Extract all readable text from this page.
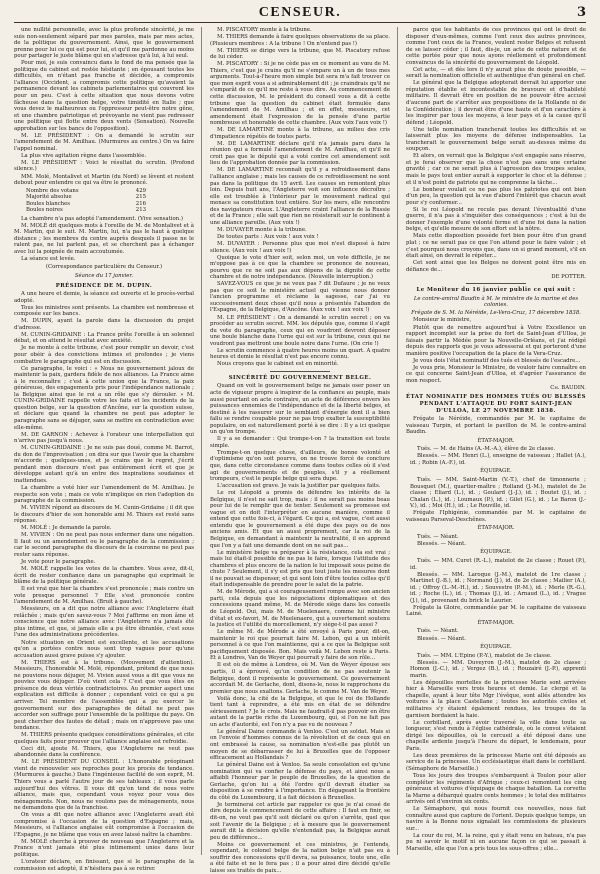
CENSEUR.	3

une nullité personnelle, avec la plus profonde sincérité, je me suis non-seulement séparé par mes paroles, mais par mes actes, de la politique du gouvernement. Ainsi, que le gouvernement prenne pour lui ce qui est pour lui, et qu'il me pardonne au moins pour partager le juste blâme qui en s'adresse qu'à lui, à lui seul.

Pour moi, je suis convaincu dans le fond de ma pensée que la politique du cabinet est restée hésitante ; en épousant toutes les difficultés, en n'étant pas franche et décidée, a compromis l'alliance (Occident, a compromis cette politique qu'avaient la permanence devant les cabinets parlementaires qui couvrent les pour un peu. C'est à cette situation que nous devons votre fâcheuse dans la question belge, votre timidité en Italie ; que vous devez le malheureux ou l'oppresseur peut-être notre gêne, et une chambre patriotique et prévoyante ne vient pas redresser une politique qui flotte entre deux vents (Sensation). Nouvelle approbation sur les bancs de l'opposition).

M. LE PRÉSIDENT : On a demandé le scrutin sur l'amendement de M. Amilhau. (Murmures au centre.) On va faire l'appel nominal.

La plus vive agitation règne dans l'assemblée.

M. LE PRÉSIDENT : Voici le résultat du scrutin. (Profond silence.)

MM. Molé, Montalivet et Martin (du Nord) se lèvent et restent debout pour entendre ce qui va être le prononcé.

Nombre des votans	429
Majorité absolue	215
Boules blanches	216
Boules noires	213

La chambre n'a pas adopté l'amendement. (Vive sensation.)

M. MOLÉ dit quelques mots à l'oreille de M. de Montalivet et à M. Martin, qui le suit. M. Martin, lui, n'a pas le haut à quelque distance ; les membres du centre auprès desquels il passe ne le ralent pas, ne lui parlent pas, et se cherchent pas à échanger avec lui la poignée de main accoutumée.

La séance est levée.

(Correspondance particulière du Censeur.)

Séance du 17 janvier.

PRÉSIDENCE DE M. DUPIN.

A une heure et demie, la séance est ouverte et le procès-verbal adopté.

Tous les ministres sont présents. La chambre est nombreuse et composée sur les bancs.

M. DUPIN, ayant la parole dans la discussion du projet d'adresse.

M. CUNIN-GRIDAINE : La France prête l'oreille à un solennel débat, et on attend le résultat avec anxiété.

Je ne monte à cette tribune, c'est pour remplir un devoir, c'est pour obéir à des convictions intimes et profondes ; je viens combattre le paragraphe qui est en discussion.

Ce paragraphe, le voici : « Nous ne gouvernement jaloux de maintenir la paix, gardera fidèle de nos alliances. La France aime à le reconnaître ; c'est à cette union que la France, la paix généreuse, des engagements pris pour l'indépendance nationale ; la Belgique ainsi que le roi a un rôle que s'y dérouler. » M. CUNIN-GRIDAINE rappelle votre les faits et les incidents de la question belge, sur la question d'Ancône, sur la question suisse, et déclare que quand la chambre ne peut pas adopter le paragraphe sans se déjuger, sans se mettre en contradiction avec elle-même.

M. DE GARNON : Achevez à l'orateur une interpellation qui n'arrive pas jusqu'à nous.

M. CUNIN-GRIDAINE : Je ne suis pas doué, comme M. Barrot, du don de l'improvisation ; on dira sur que l'avoir que la chambre m'accorde ; quelques-unes, et je crains que le regret, j'écrit pendant mon discours n'est pas entièrement écrit et que je développe autant qu'à un entre des inspirations soudaines et inattendues.

La chambre a voté hier sur l'amendement de M. Amilhau. Je respecte son vote ; mais ce vote n'implique en rien l'adoption du paragraphe de la commission.

M. VIVIEN répond au discours de M. Cunin-Gridaine ; il dit que le discours d'hier de son honorable ami M. Thiers est resté sans réponse.

M. MOLÉ : Je demande la parole.

M. VIVIEN : On ne peut pas nous enfermer dans une négation. Il faut ou un amendement ou le paragraphe de la commission ; car le second paragraphe du discours de la couronne ne peut pas rester sans réponse.

Je vote pour le paragraphe.

M. MOLÉ rappelle les votes de la chambre. Vous avez, dit-il, écrit de rester confiance dans un paragraphe qui exprimait le blâme de la politique générale.

Il est vrai que hier la chambre s'est prononcée ; mais contre un vote presque personnel ? Elle s'est prononcée contre l'amendement de M. Amilhau. (Bruit à gauche).

Messieurs, on a dit que notre alliance avec l'Angleterre était relâchée ; mais qu'en savez-vous ? Moi j'affirme en mon âme et conscience que notre alliance avec l'Angleterre n'a jamais été plus intime, et que, si jamais elle a pu être ébranlée, c'est sous l'une des administrations précédentes.

Notre situation en Orient est excellente, et les accusations qu'on a portées contre nous sont trop vagues pour qu'une accusation aussi grave puisse s'y ajouter.

M. THIERS est à la tribune. (Mouvement d'attention). Messieurs, l'honorable M. Molé, répondant, prétend de que nous ne pouvions nous déjuger, M. Vivien aussi vous a dit que vous ne pouviez vous déjuger. D'où vient cela ? C'est que vous êtes en présence de deux vérités contradictoires. Au premier aspect une explication est difficile à donner ; cependant voici ce qui a pu arriver. Tel membre de l'assemblée qui a pu exercer le gouvernement sur des paragraphes de détail ne peut pas accorder son suffrage pour l'ensemble de la politique du pays. On peut chercher des fautes de détail ; mais on n'approuve pas une tendance.

M. THIERS présente quelques considérations générales, et cite quelques faits pour prouver que l'alliance anglaise est refroidie.

Ceci dit, ajoute M. Thiers, que l'Angleterre ne veut pas abandonnée dans la conférence.

M. LE PRÉSIDENT DU CONSEIL : L'honorable préopinant vient de renouveler ses reproches pour les procès de tendance. (Murmures à gauche.) Dans l'ingénieuse facilité de son esprit, M. Thiers vous a parlé l'autre jour de ses tableaux ; il vous parle aujourd'hui des vôtres. Il vous dit qu'on tend de nous voire alliance, mais que, cependant vous voyez pour vous des ménagements. Non, nous ne voulons pas de ménagements, nous ne demandons que de la franchise.

On vous a dit que notre alliance avec l'Angleterre avait été compromise à l'occasion de la question d'Espagne ; mais, Messieurs, si l'alliance anglaise eût compromise à l'occasion de l'Espagne, je ne blâme que vous en avez laissé naître la chambre.

M. MOLÉ cherche à prouver de nouveau que l'Angleterre et la France n'ont jamais été plus intimement unies dans leur politique.

L'orateur déclare, en finissant, que si le paragraphe de la commission est adopté, il n'hésitera pas à se retirer.

M. PISCATORY monte à la tribune.

M. THIERS demande à faire quelques observations de sa place. (Plusieurs membres : A la tribune ! On n'entend pas !)

M. THIERS se dirige vers la tribune, que M. Piscatory refuse de lui céder.

M. PISCATORY : Si je ne cède pas en ce moment au vœu de M. Thiers, c'est que je crains qu'il ne s'empare un à un de tous mes arguments. Tout-à-l'heure mon simple but sera m'a fait trouver ce que mon esprit vous a si admirablement dit ; je craindrais qu'il ne s'emparât de ce qu'il me reste à vous dire. Au commencement de cette discussion, M. le président du conseil vous a dit à cette tribune que la question du cabinet était formulée dans l'amendement de M. Amilhau ; et en effet, messieurs, cet amendement était l'expression de la pensée d'une partie nombreuse et honorable de cette chambre. (Aux voix l'aux voix !)

M. DE LAMARTINE monte à la tribune, au milieu des cris d'impatience répétés de toutes parts.

M. DE LAMARTINE déclare qu'il n'a jamais paru dans la réunion qui a formulé l'amendement de M. Amilhau, et qu'il ne croit pas que le député qui a voté contre cet amendement soit lieu de l'approbation donnée par la commission.

M. DE LAMARTINE reconnaît qu'il y a refroidissement dans l'alliance anglaise ; mais les causes de ce refroidissement ne sont pas dans la politique du 15 avril. Les causes en remontent plus loin. Depuis huit ans, l'Angleterre voit son influence décroître ; elle est troublée à l'intérieur par le mouvement radical qui menace sa constitution tout entière. Sur les mers, elle rencontre des navigateurs rivaux. L'Angleterre craint l'alliance de la Russie et de la France ; elle sait que rien ne résisterait sur le continent à une alliance pareille. (Aux voix !)

M. DUVAYER monte à la tribune.

De toutes parts : Aux voix ! aux voix !

M. DUVAYER : Personne plus que moi n'est disposé à faire silence. (Aux voix ! aux voix !)

Quoique le vote d'hier soit, selon moi, un vote difficile, je ne m'oppose pas à ce que la chambre se prononce de nouveau, pourvu que ce ne soit pas aux dépens de la dignité de cette chambre et de notre indépendance. (Nouvelle interruption.)

SAVEZ-VOUS ce que je ne veux pas ? dit Dufaure ; je ne veux pas que ce soit le ministère actuel qui vienne nous donner l'ancien programme et réclame la sagesse, car j'ai vu successivement deux chose qu'il nous a présentés l'abandon de l'Espagne, de la Belgique, d'Ancône. (Aux voix ! aux voix !)

M. LE PRÉSIDENT : On a demandé le scrutin secret ; on va procéder au scrutin secret. MM. les députés que, comme il s'agit du vote du paragraphe, ceux qui en voudront devront déposer une boule blanche dans l'urne qui est sur la tribune, ceux qui ne voudront pas mettront une boule noire dans l'urne. (On crie !)

Le scrutin commence à quatre heures moins un quart. A quatre heures et demie le résultat n'est pas encore connu.

Nous croyons que le cabinet est en minorité.

SINCÉRITÉ DU GOUVERNEMENT BELGE.

Quand on voit le gouvernement belge ne jamais oser poser un acte de vigueur propre à inspirer de la confiance au peuple, mais aussi pourtant on acte contraire, un acte de déférence envers les puissances ennemies de l'indépendance et de la liberté belges, et destiné à les rassurer sur le semblant d'énergie dont il a bien fallu se rendre coupable pour ne pas trop exalter la susceptibilité populaire, on est naturellement porté à se dire : Il y a ici quelque un qu'on trompe.

Il y a se demander : Qui trompe-t-on ? la transition est toute simple.

Trompe-t-on quelque chose, d'ailleurs, de bonne volonté et d'optimisme qu'on soit pourvu, on ne trouve forcé de conclure que, dans cette circonstance comme dans toutes celles où il s'est agi de gouvernements et de peuples, s'il y a réellement trompeurs, c'est le peuple belge qui sera dupe.

L'accusation est grave. Je vais la justifier par quelques faits.

Le roi Léopold a promis de défendre les intérêts de la Belgique, il n'est ne sait trop, mais ; il ne serait pas moins beau pour lui de le remplir que de tenter. Seulement sa promesse est vague et on doit l'interpréter en aucune manière, comme il entend que cette fois-ci, à l'égard. Ce qui a, est vague, c'est aussi entendu que le gouvernement a été dupe des pays ou de nos anciens amis. Et que un aussi proprement, car la roi de la Belgique, en demandant à maintenir la neutralité, il en apprend que l'on y a fait une demande dont on ne sait pas...

Le ministère belge va préparer à la résistance, cela est vrai ; mais lui était-il possible de ne pas le faire, lorsque l'attitude des chambres et plus encore de la nation le lui imposait sous peine de chute ? Seulement, il s'y est pris que tout juste les mesures dont il ne pouvait se dispenser, et qui sont loin d'être toutes celles qu'il était indispensable de prendre pour le salut de la patrie.

M. de Mérode, qui a si courageusement rompu avec son ancien parti, cela depuis que les négociations diplomatiques et des concessions quand même, M. de Mérode siège dans les conseils de Léopold. Oui, mais M. de Muelenaere, comme lui ministre d'état et ex-favori, M. de Muelenaere, qui a ouvertement soutenu la justice et l'utilité du morcellement, n'y siège-t-il pas aussi ?

Le même M. de Mérode a été envoyé à Paris pour, dit-on, maintenir le roi que pourrait faire M. Lebon, qui a un intérêt personnel à ce que l'on maintienne, qui a ce que la Belgique soit pacifiquement disposée. Bon. Mais voilà M. Lebon reste à Paris. Et à Londres, Van de Weyer qui pourrait y faire de son rôle...

Il est où de même à Londres, où M. Van de Weyer épouse ses partis, il a éprouvé, qu'un condition de ne pas soutenir la Belgique, dont il représente le gouvernement. Ce gouvernement accordait M. de Gerlache, dont, disons-le, nous le rapprochons du premier que nous exaltons. Gerlache, le comme M. Van de Weyer.

Voilà donc, la cité de la Belgique, et que le roi de Hollande tient tant à reprendre, a été mis en état de se défendre sérieusement ? Je le crois. Mais ne faudrait-il pas pouvoir en être autant de la partie riche du Luxembourg, qui, si l'on ne fait pas un acte d'autorité, est l'on n'y a pas vu de nouveau ?

Le général Daine commande à Venloo. C'est un soldat. Mais si on l'envoie d'hommes connus de la révolution et de ceux qui en ont embrassé la cause, sa nomination n'est-elle pas plutôt un moyen de se débarrasser de lui à Bruxelles que de l'opposer efficacement au Hollandais ?

Le général Daine est à Venloo. Sa seule consolation est qu'une nomination qui va confier la défense du pays, et ainsi nous a affaibli l'honneur par le peuple de Bruxelles, de la question de Gerlache, qu'on lui a ôté l'ordre qu'il devrait étudier sa disposition à se rendre à l'importance. En dégageant la frontière du côté du Luxembourg, il a fait décision à Bruxelles.

Je terminerai cet article par rappeler ce que je n'ai cessé de dire depuis le commencement de cette affaire : Il faut en finir, se dit-on, ne veut pas qu'il soit déclaré ou qu'on s'arrête, quel que soit l'avenir de la Belgique ; et à mesure que le gouvernement aurait dit la décision qu'elle n'entendait pas, la Belgique aurait peu de différence...

Moins ce gouvernement et ces ministres, je l'entends, cependant, le colonel belge de la nation belge n'ait pas eu à souffrir des concessions qu'il devra, sa puissance, toute une, elle a été faite et ne le fera pas ; il a pour ainsi dire décidé qu'elle laisse ses traités de paix...

parce que les habitants de ces provinces qui ont le droit de disposer d'eux-mêmes, comme l'ont ceux des autres provinces, comme l'ont ceux de la France, veulent rester Belges et refusent de se laisser céder ; il faut, dis-je, un acte de cette nature et de cette portée pour que nous ayons réellement et profondément convaincus de la sincérité du gouvernement de Léopold.

Cet acte, — et dès lors il n'y aurait plus de doute possible, — serait la nomination officielle et authentique d'un général en chef.

Le général que la Belgique adopterait devrait lui apporter une réputation établie et incontestable de bravoure et d'habileté militaire. Il devrait être en position de ne pouvoir être accusé d'aucune part de s'arrêter aux propositions de la Hollande ni de la Confédération ; il devrait être d'une haute et d'un caractère à les inspirer par tous les moyens, à leur pays et à la cause qu'il défend ; Léopold.

Une telle nomination trancherait toutes les difficultés et se laisserait plus les moyens de défense indispensables. La trancherait le gouvernement belge serait au-dessus même du soupçon.

Et alors, on verrait que la Belgique s'est engagée sans réserve, et je ferai observer que la chose n'est pas sans une certaine gravité ; car ce ne serait plus à l'agression des troupes seules, mais le pays tout entier aurait à supporter le choc et la défense ; et il n'est point de patriote qui ne comprenne la tâche...

Le bonheur voulait ce ne pas plus les patriotes qui ont bien d'un peu, la question qui la vue d'abord l'intérêt que chacun avait pour s'y conformer...

Si le roi Léopold ne recule pas devant l'éventualité d'une guerre, il n'a pas à s'inquiéter des conséquences ; c'est à lui de donner l'exemple d'une volonté ferme et d'une foi dans la nation belge, et qu'elle mesure de son effort est la nôtre.

Mais cette disposition possède fort bien pour être d'un grand plat ; ce ne serait pas ce que l'on attend pour le faire valoir ; et c'est pourquoi nous croyons que, dans un si grand moment, s'il en était ainsi, on devrait le répéter...

Cet sont ainsi que les Belges ne doivent point être mis en défiance de...

DE POTTER.

Le Moniteur du 16 janvier publie ce qui suit :

Le contre-amiral Baudin à M. le ministre de la marine et des colonies.

Frégate de S. M. la Néréide, Le-Vera-Cruz, 17 décembre 1838.

Monsieur le ministre,

Plutôt que de remettre aujourd'hui à Votre Excellence un rapport incomplet sur la prise du fort de Saint-Jean d'Ulloa, je faisais partir la Médée pour la Nouvelle-Orléans, et j'ai rédigé depuis des rapports que je vous adresserai et qui porteront d'une manière positive l'occupation de la place de la Vera-Cruz.

Je vous dois l'état nominatif des tués et blessés de l'escadre...

Je vous prie, Monsieur le Ministre, de vouloir faire connaître en ce qui concerne Saint-Jean d'Ulloa, et d'agréer l'assurance de mon respect.

Ch. BAUDIN.

ÉTAT NOMINATIF DES HOMMES TUÉS OU BLESSÉS PENDANT L'ATTAQUE DU FORT SAINT-JEAN D'ULLOA, LE 27 NOVEMBRE 1838.

Frégate la Néréide, commandée par M. le capitaine de vaisseau Turpin, et portant le pavillon de M. le contre-amiral Baudin.

ÉTAT-MAJOR.

Tués. — M. de Hains (A.-M.-A.), élève de 2e classe.

Blessés. — MM. Henri (L.), enseigne de vaisseau ; Hallet (A.), id. ; Robin (A.-F.), id.

ÉQUIPAGE.

Tués. — MM. Saint-Martin (V.-T.), chef de timonnerie ; Bousquet (M.), quartier-maître ; Rolland (J.-M.), matelot de 3e classe ; Eliard (L.), id. ; Goulard (J.-J.), id. ; Boutet (J.), id. ; Chalan (L.), id. ; Loumaux (P.), id. ; Gilet (G.), id. ; Le Baron (J.-V.), id. ; Moi (H.), id. ; Le Rouville, id.

Frégate l'Iphigénie, commandée par M. le capitaine de vaisseau Parseval-Deschênes.

ÉTAT-MAJOR.

Tués. — Néant.

Blessés. — Néant.

ÉQUIPAGE.

Tués. — MM. Curet (R.-L.), matelot de 2e classe ; Rouet (P.), id.

Blessés. — MM. Laroque (J.-M.), matelot de 1re classe ; Martinet (J.-B.), id. ; Normand (J.), id. de 2e classe ; Mailier (A.), id. ; Offroy (L.-M.-H.), id. ; Souvestre (P.-M.), id. ; Merle (R.-G.), id. ; Roche (L.), id. ; Thomas (J.), id. ; Arnaud (L.), id. ; Vrague (J.), id., provenant du brick le Laurier.

Frégate la Gloire, commandée par M. le capitaine de vaisseau Lainé.

ÉTAT-MAJOR.

Tués. — Néant.

Blessés. — Néant.

ÉQUIPAGE.

Tués. — MM. L'Epine (P.-Y.), matelot de 3e classe.

Blessés. — MM. Duveyron (J.-M.), matelot de 2e classe ; Homon (J.-C.), id. ; Vergez (B.), id. ; Rouzairé (J.-P.), apprenti marin.

Les dépouilles mortelles de la princesse Marie sont arrivées hier à Marseille vers trois heures et demie. Le clergé et la chapelle, ayant à leur tête Mgr l'évêque, sont allés attendre les voitures à la place Castellane ; toutes les autorités civiles et militaires s'y étaient également rendues, les troupes de la garnison bordaient la haie.

Le corbillard, après avoir traversé la ville dans toute sa longueur, s'est rendu à l'église cathédrale, où le convoi s'étaient dirigé les dépouilles, où le cercueil a été déposé dans une chapelle ardente jusqu'à l'heure du départ, le lendemain, pour Paris.

Les deux premières de la princesse Marie ont été déposés au service de la princesse. Un ecclésiastique était dans le corbillard. (Sémaphore de Marseille.)

Tous les jours des troupes s'embarquent à Toulon pour aller compléter les régiments d'Afrique ; ceux-ci remontent les cinq généraux et voitures d'équipage de chaque bataillon. La corvette la Marne a débarqué quatre cents hommes ; le total des militaires arrivés ont d'environ six cents.

Le Sémaphore, qui nous fournit ces nouvelles, nous fait connaître aussi que capture de l'orient. Depuis quelque temps, un navire à la Bonne nous signalait les commissions de plusieurs sur...

La cour du roi, M. la reine, qui y était venu en bateau, n'a pas pu ni savoir le motif ni en aucune façon ce qui se passait à Marseille, elle que l'on a pris tous les sous-offres ; elle...
